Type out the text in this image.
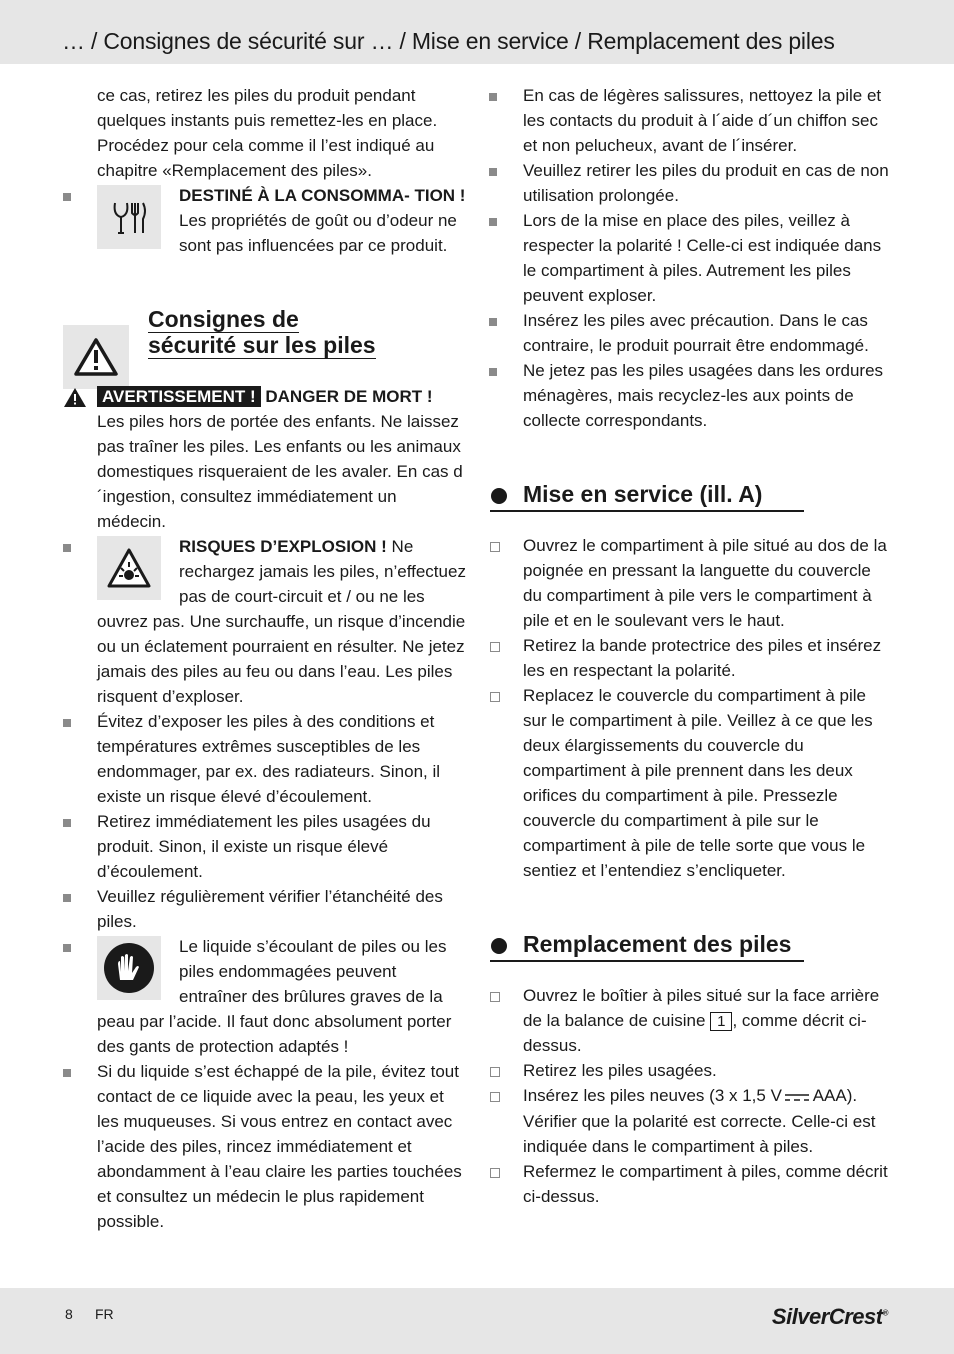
… / Consignes de sécurité sur … / Mise en service / Remplacement des piles

ce cas, retirez les piles du produit pendant quelques instants puis remettez-les en place. Procédez pour cela comme il l’est indiqué au chapitre «Remplacement des piles».

DESTINÉ À LA CONSOMMA- TION ! Les propriétés de goût ou d’odeur ne sont pas influencées par ce produit.
Consignes de
sécurité sur les piles
AVERTISSEMENT ! DANGER DE MORT !

Les piles hors de portée des enfants. Ne laissez pas traîner les piles. Les enfants ou les animaux domestiques risqueraient de les avaler. En cas d´ingestion, consultez immédiatement un médecin.

RISQUES D’EXPLOSION ! Ne rechargez jamais les piles, n’effectuez pas de court-circuit et / ou ne les ouvrez pas. Une surchauffe, un risque d’incendie ou un éclatement pourraient en résulter. Ne jetez jamais des piles au feu ou dans l’eau. Les piles risquent d’exploser.

Évitez d’exposer les piles à des conditions et températures extrêmes susceptibles de les endommager, par ex. des radiateurs. Sinon, il existe un risque élevé d’écoulement.

Retirez immédiatement les piles usagées du produit. Sinon, il existe un risque élevé d’écoulement.

Veuillez régulièrement vérifier l’étanchéité des piles.

Le liquide s’écoulant de piles ou les piles endommagées peuvent entraîner des brûlures graves de la peau par l’acide. Il faut donc absolument porter des gants de protection adaptés !

Si du liquide s’est échappé de la pile, évitez tout contact de ce liquide avec la peau, les yeux et les muqueuses. Si vous entrez en contact avec l’acide des piles, rincez immédiatement et abondamment à l’eau claire les parties touchées et consultez un médecin le plus rapidement possible.

En cas de légères salissures, nettoyez la pile et les contacts du produit à l´aide d´un chiffon sec et non pelucheux, avant de l´insérer.

Veuillez retirer les piles du produit en cas de non utilisation prolongée.

Lors de la mise en place des piles, veillez à respecter la polarité ! Celle-ci est indiquée dans le compartiment à piles. Autrement les piles peuvent exploser.

Insérez les piles avec précaution. Dans le cas contraire, le produit pourrait être endommagé.

Ne jetez pas les piles usagées dans les ordures ménagères, mais recyclez-les aux points de collecte correspondants.

Mise en service (ill. A)

Ouvrez le compartiment à pile situé au dos de la poignée en pressant la languette du couvercle du compartiment à pile vers le compartiment à pile et en le soulevant vers le haut.

Retirez la bande protectrice des piles et insérez les en respectant la polarité.

Replacez le couvercle du compartiment à pile sur le compartiment à pile. Veillez à ce que les deux élargissements du couvercle du compartiment à pile prennent dans les deux orifices du compartiment à pile. Pressezle couvercle du compartiment à pile sur le compartiment à pile de telle sorte que vous le sentiez et l’entendiez s’encliqueter.

Remplacement des piles

Ouvrez le boîtier à piles situé sur la face arrière de la balance de cuisine 1 , comme décrit ci-dessus.

Retirez les piles usagées.

Insérez les piles neuves (3 x 1,5 V AAA). Vérifier que la polarité est correcte. Celle-ci est indiquée dans le compartiment à piles.

Refermez le compartiment à piles, comme décrit ci-dessus.

8 FR	SilverCrest®
